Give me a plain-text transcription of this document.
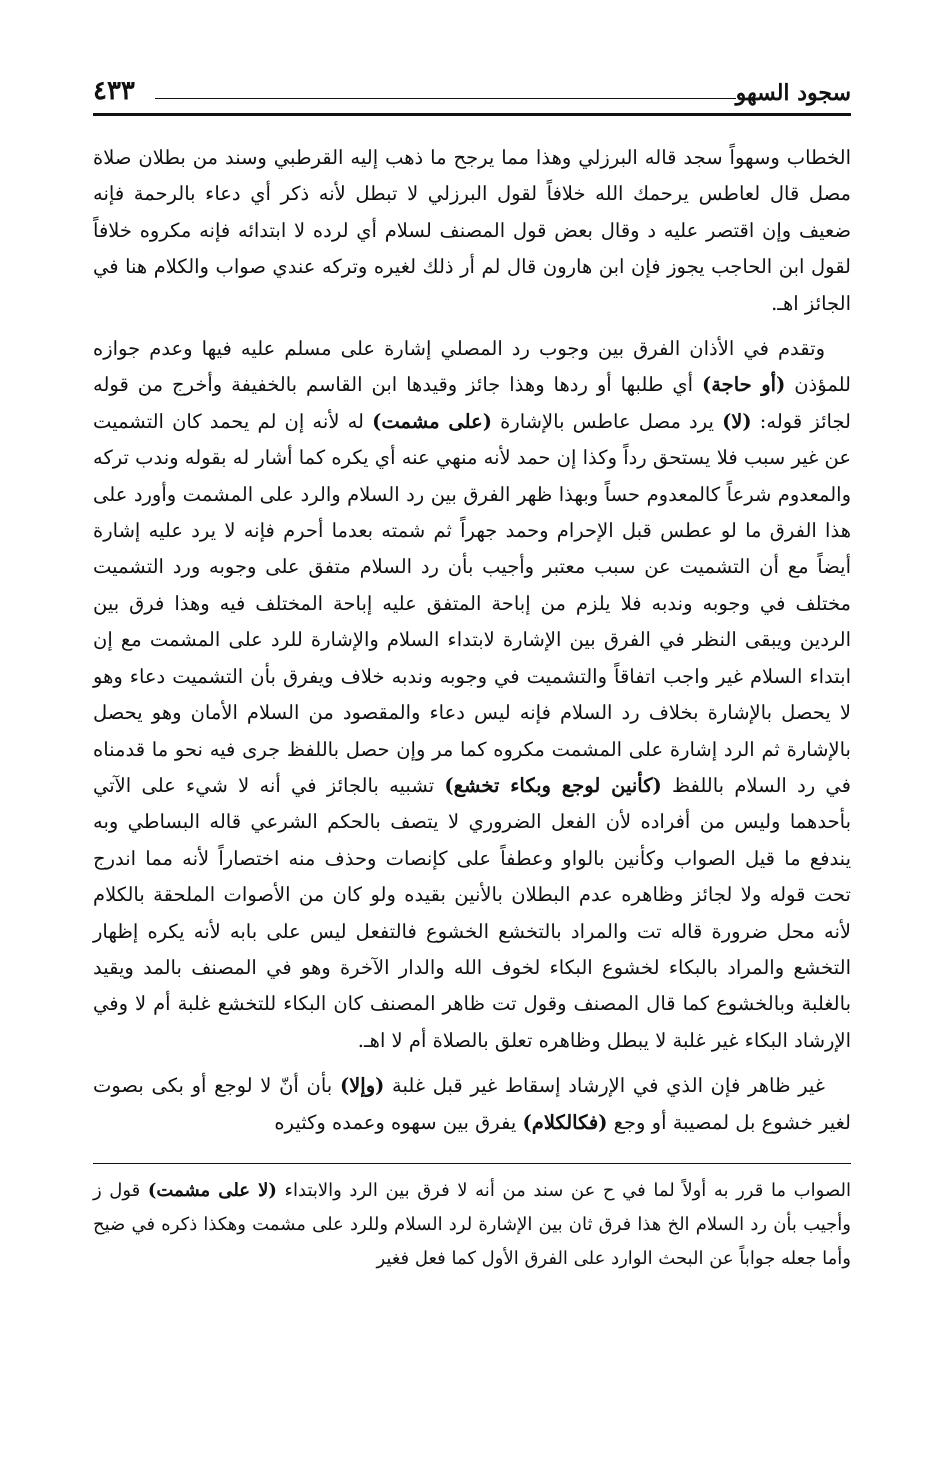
سجود السهو
٤٣٣

الخطاب وسهواً سجد قاله البرزلي وهذا مما يرجح ما ذهب إليه القرطبي وسند من بطلان صلاة مصل قال لعاطس يرحمك الله خلافاً لقول البرزلي لا تبطل لأنه ذكر أي دعاء بالرحمة فإنه ضعيف وإن اقتصر عليه د وقال بعض قول المصنف لسلام أي لرده لا ابتدائه فإنه مكروه خلافاً لقول ابن الحاجب يجوز فإن ابن هارون قال لم أر ذلك لغيره وتركه عندي صواب والكلام هنا في الجائز اهـ.

وتقدم في الأذان الفرق بين وجوب رد المصلي إشارة على مسلم عليه فيها وعدم جوازه للمؤذن (أو حاجة) أي طلبها أو ردها وهذا جائز وقيدها ابن القاسم بالخفيفة وأخرج من قوله لجائز قوله: (لا) يرد مصل عاطس بالإشارة (على مشمت) له لأنه إن لم يحمد كان التشميت عن غير سبب فلا يستحق رداً وكذا إن حمد لأنه منهي عنه أي يكره كما أشار له بقوله وندب تركه والمعدوم شرعاً كالمعدوم حساً وبهذا ظهر الفرق بين رد السلام والرد على المشمت وأورد على هذا الفرق ما لو عطس قبل الإحرام وحمد جهراً ثم شمته بعدما أحرم فإنه لا يرد عليه إشارة أيضاً مع أن التشميت عن سبب معتبر وأجيب بأن رد السلام متفق على وجوبه ورد التشميت مختلف في وجوبه وندبه فلا يلزم من إباحة المتفق عليه إباحة المختلف فيه وهذا فرق بين الردين ويبقى النظر في الفرق بين الإشارة لابتداء السلام والإشارة للرد على المشمت مع إن ابتداء السلام غير واجب اتفاقاً والتشميت في وجوبه وندبه خلاف ويفرق بأن التشميت دعاء وهو لا يحصل بالإشارة بخلاف رد السلام فإنه ليس دعاء والمقصود من السلام الأمان وهو يحصل بالإشارة ثم الرد إشارة على المشمت مكروه كما مر وإن حصل باللفظ جرى فيه نحو ما قدمناه في رد السلام باللفظ (كأنين لوجع وبكاء تخشع) تشبيه بالجائز في أنه لا شيء على الآتي بأحدهما وليس من أفراده لأن الفعل الضروري لا يتصف بالحكم الشرعي قاله البساطي وبه يندفع ما قيل الصواب وكأنين بالواو وعطفاً على كإنصات وحذف منه اختصاراً لأنه مما اندرج تحت قوله ولا لجائز وظاهره عدم البطلان بالأنين بقيده ولو كان من الأصوات الملحقة بالكلام لأنه محل ضرورة قاله تت والمراد بالتخشع الخشوع فالتفعل ليس على بابه لأنه يكره إظهار التخشع والمراد بالبكاء لخشوع البكاء لخوف الله والدار الآخرة وهو في المصنف بالمد ويقيد بالغلبة وبالخشوع كما قال المصنف وقول تت ظاهر المصنف كان البكاء للتخشع غلبة أم لا وفي الإرشاد البكاء غير غلبة لا يبطل وظاهره تعلق بالصلاة أم لا اهـ.

غير ظاهر فإن الذي في الإرشاد إسقاط غير قبل غلبة (وإلا) بأن أنّ لا لوجع أو بكى بصوت لغير خشوع بل لمصيبة أو وجع (فكالكلام) يفرق بين سهوه وعمده وكثيره

الصواب ما قرر به أولاً لما في ح عن سند من أنه لا فرق بين الرد والابتداء (لا على مشمت) قول ز وأجيب بأن رد السلام الخ هذا فرق ثان بين الإشارة لرد السلام وللرد على مشمت وهكذا ذكره في ضيح وأما جعله جواباً عن البحث الوارد على الفرق الأول كما فعل فغير
